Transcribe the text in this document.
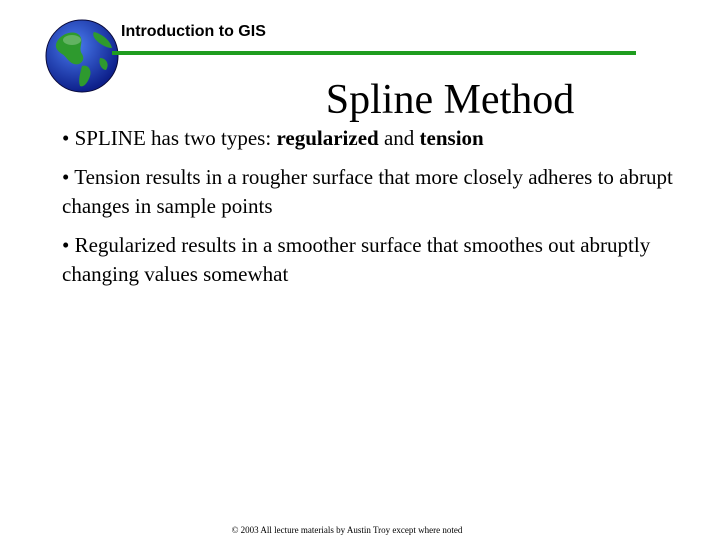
Introduction to GIS
Spline Method

• SPLINE has two types: regularized and tension

• Tension results in a rougher surface that more closely adheres to abrupt changes in sample points

• Regularized results in a smoother surface that smoothes out abruptly changing values somewhat

© 2003 All lecture materials by Austin Troy except where noted
